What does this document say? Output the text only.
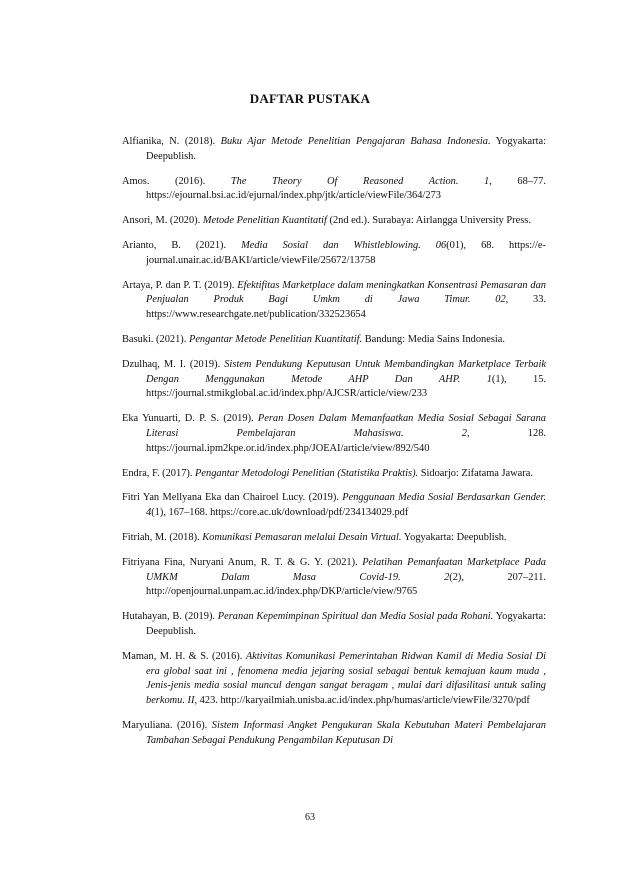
DAFTAR PUSTAKA
Alfianika, N. (2018). Buku Ajar Metode Penelitian Pengajaran Bahasa Indonesia. Yogyakarta: Deepublish.
Amos. (2016). The Theory Of Reasoned Action. 1, 68–77. https://ejournal.bsi.ac.id/ejurnal/index.php/jtk/article/viewFile/364/273
Ansori, M. (2020). Metode Penelitian Kuantitatif (2nd ed.). Surabaya: Airlangga University Press.
Arianto, B. (2021). Media Sosial dan Whistleblowing. 06(01), 68. https://e-journal.unair.ac.id/BAKI/article/viewFile/25672/13758
Artaya, P. dan P. T. (2019). Efektifitas Marketplace dalam meningkatkan Konsentrasi Pemasaran dan Penjualan Produk Bagi Umkm di Jawa Timur. 02, 33. https://www.researchgate.net/publication/332523654
Basuki. (2021). Pengantar Metode Penelitian Kuantitatif. Bandung: Media Sains Indonesia.
Dzulhaq, M. I. (2019). Sistem Pendukung Keputusan Untuk Membandingkan Marketplace Terbaik Dengan Menggunakan Metode AHP Dan AHP. 1(1), 15. https://journal.stmikglobal.ac.id/index.php/AJCSR/article/view/233
Eka Yunuarti, D. P. S. (2019). Peran Dosen Dalam Memanfaatkan Media Sosial Sebagai Sarana Literasi Pembelajaran Mahasiswa. 2, 128. https://journal.ipm2kpe.or.id/index.php/JOEAI/article/view/892/540
Endra, F. (2017). Pengantar Metodologi Penelitian (Statistika Praktis). Sidoarjo: Zifatama Jawara.
Fitri Yan Mellyana Eka dan Chairoel Lucy. (2019). Penggunaan Media Sosial Berdasarkan Gender. 4(1), 167–168. https://core.ac.uk/download/pdf/234134029.pdf
Fitriah, M. (2018). Komunikasi Pemasaran melalui Desain Virtual. Yogyakarta: Deepublish.
Fitriyana Fina, Nuryani Anum, R. T. & G. Y. (2021). Pelatihan Pemanfaatan Marketplace Pada UMKM Dalam Masa Covid-19. 2(2), 207–211. http://openjournal.unpam.ac.id/index.php/DKP/article/view/9765
Hutahayan, B. (2019). Peranan Kepemimpinan Spiritual dan Media Sosial pada Rohani. Yogyakarta: Deepublish.
Maman, M. H. & S. (2016). Aktivitas Komunikasi Pemerintahan Ridwan Kamil di Media Sosial Di era global saat ini , fenomena media jejaring sosial sebagai bentuk kemajuan kaum muda , Jenis-jenis media sosial muncul dengan sangat beragam , mulai dari difasilitasi untuk saling berkomu. II, 423. http://karyailmiah.unisba.ac.id/index.php/humas/article/viewFile/3270/pdf
Maryuliana. (2016). Sistem Informasi Angket Pengukuran Skala Kebutuhan Materi Pembelajaran Tambahan Sebagai Pendukung Pengambilan Keputusan Di
63
